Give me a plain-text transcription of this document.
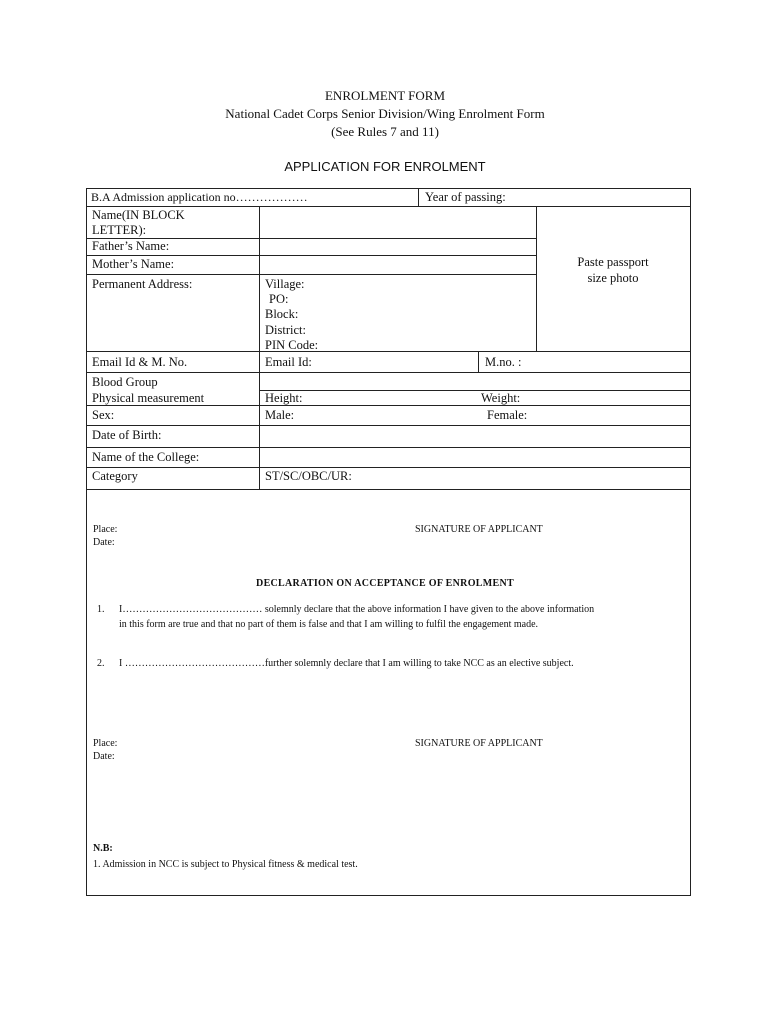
ENROLMENT FORM
National Cadet Corps Senior Division/Wing Enrolment Form
(See Rules 7 and 11)
APPLICATION FOR ENROLMENT
B.A Admission application no………………	Year of passing:
Name(IN BLOCK
LETTER):
Father’s Name:
Mother’s Name:
Permanent Address:	Village:
PO:
Block:
District:
PIN Code:
Paste passport
size photo
Email Id & M. No.	Email Id:	M.no. :
Blood Group
Physical measurement	Height:	Weight:
Sex:	Male:	Female:
Date of Birth:
Name of the College:
Category	ST/SC/OBC/UR:
Place:
Date:
SIGNATURE OF APPLICANT
DECLARATION ON ACCEPTANCE OF ENROLMENT
1. I…………………………………… solemnly declare that the above information I have given to the above information
in this form are true and that no part of them is false and that I am willing to fulfil the engagement made.
2. I ……………………………………further solemnly declare that I am willing to take NCC as an elective subject.
Place:
Date:
SIGNATURE OF APPLICANT
N.B:
1. Admission in NCC is subject to Physical fitness & medical test.
